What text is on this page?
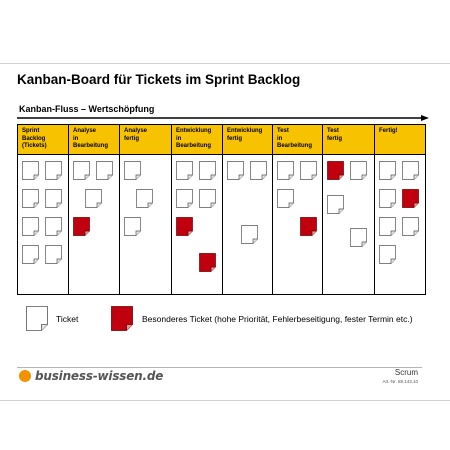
Kanban-Board für Tickets im Sprint Backlog
Kanban-Fluss – Wertschöpfung
Sprint
Backlog
(Tickets)
Analyse
in
Bearbeitung
Analyse
fertig
Entwicklung
in
Bearbeitung
Entwicklung
fertig
Test
in
Bearbeitung
Test
fertig
Fertig!
Ticket	Besonderes Ticket (hohe Priorität, Fehlerbeseitigung, fester Termin etc.)
business-wissen.de	Scrum
Art.-Nr. 89.143.10
